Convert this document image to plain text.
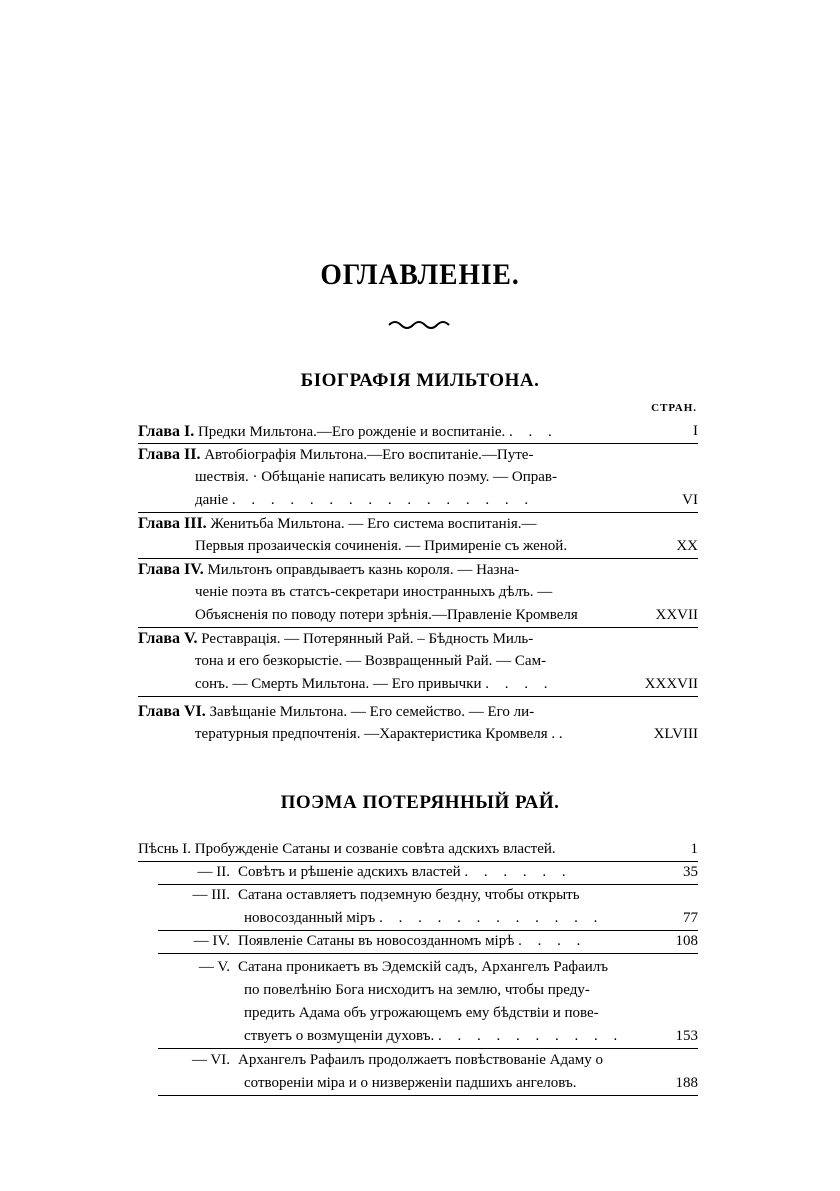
ОГЛАВЛЕНІЕ.
БІОГРАФІЯ МИЛЬТОНА.
СТРАН.
Глава I. Предки Мильтона.—Его рожденіе и воспитаніе. . . .	I
Глава II. Автобіографія Мильтона.—Его воспитаніе.—Путе-
шествія. · Обѣщаніе написать великую поэму. — Оправ-
даніе . . . . . . . . . . . . . . . .	VI
Глава III. Женитьба Мильтона. — Его система воспитанія.—
Первыя прозаическія сочиненія. — Примиреніе съ женой.	XX
Глава IV. Мильтонъ оправдываетъ казнь короля. — Назна-
ченіе поэта въ статсъ-секретари иностранныхъ дѣлъ. —
Объясненія по поводу потери зрѣнія.—Правленіе Кромвеля	XXVII
Глава V. Реставрація. — Потерянный Рай. – Бѣдность Миль-
тона и его безкорыстіе. — Возвращенный Рай. — Сам-
сонъ. — Смерть Мильтона. — Его привычки . . . .	XXXVII
Глава VI. Завѣщаніе Мильтона. — Его семейство. — Его ли-
тературныя предпочтенія. —Характеристика Кромвеля . .	XLVIII
ПОЭМА ПОТЕРЯННЫЙ РАЙ.
Пѣснь I. Пробужденіе Сатаны и созваніе совѣта адскихъ властей.	1
— II. Совѣтъ и рѣшеніе адскихъ властей . . . . . .	35
— III. Сатана оставляетъ подземную бездну, чтобы открыть
новосозданный міръ . . . . . . . . . . . .	77
— IV. Появленіе Сатаны въ новосозданномъ мірѣ . . . .	108
— V. Сатана проникаетъ въ Эдемскій садъ, Архангелъ Рафаилъ
по повелѣнію Бога нисходитъ на землю, чтобы преду-
предить Адама объ угрожающемъ ему бѣдствіи и пове-
ствуетъ о возмущеніи духовъ. . . . . . . . . . .	153
— VI. Архангелъ Рафаилъ продолжаетъ повѣствованіе Адаму о
сотвореніи міра и о низверженіи падшихъ ангеловъ.	188
